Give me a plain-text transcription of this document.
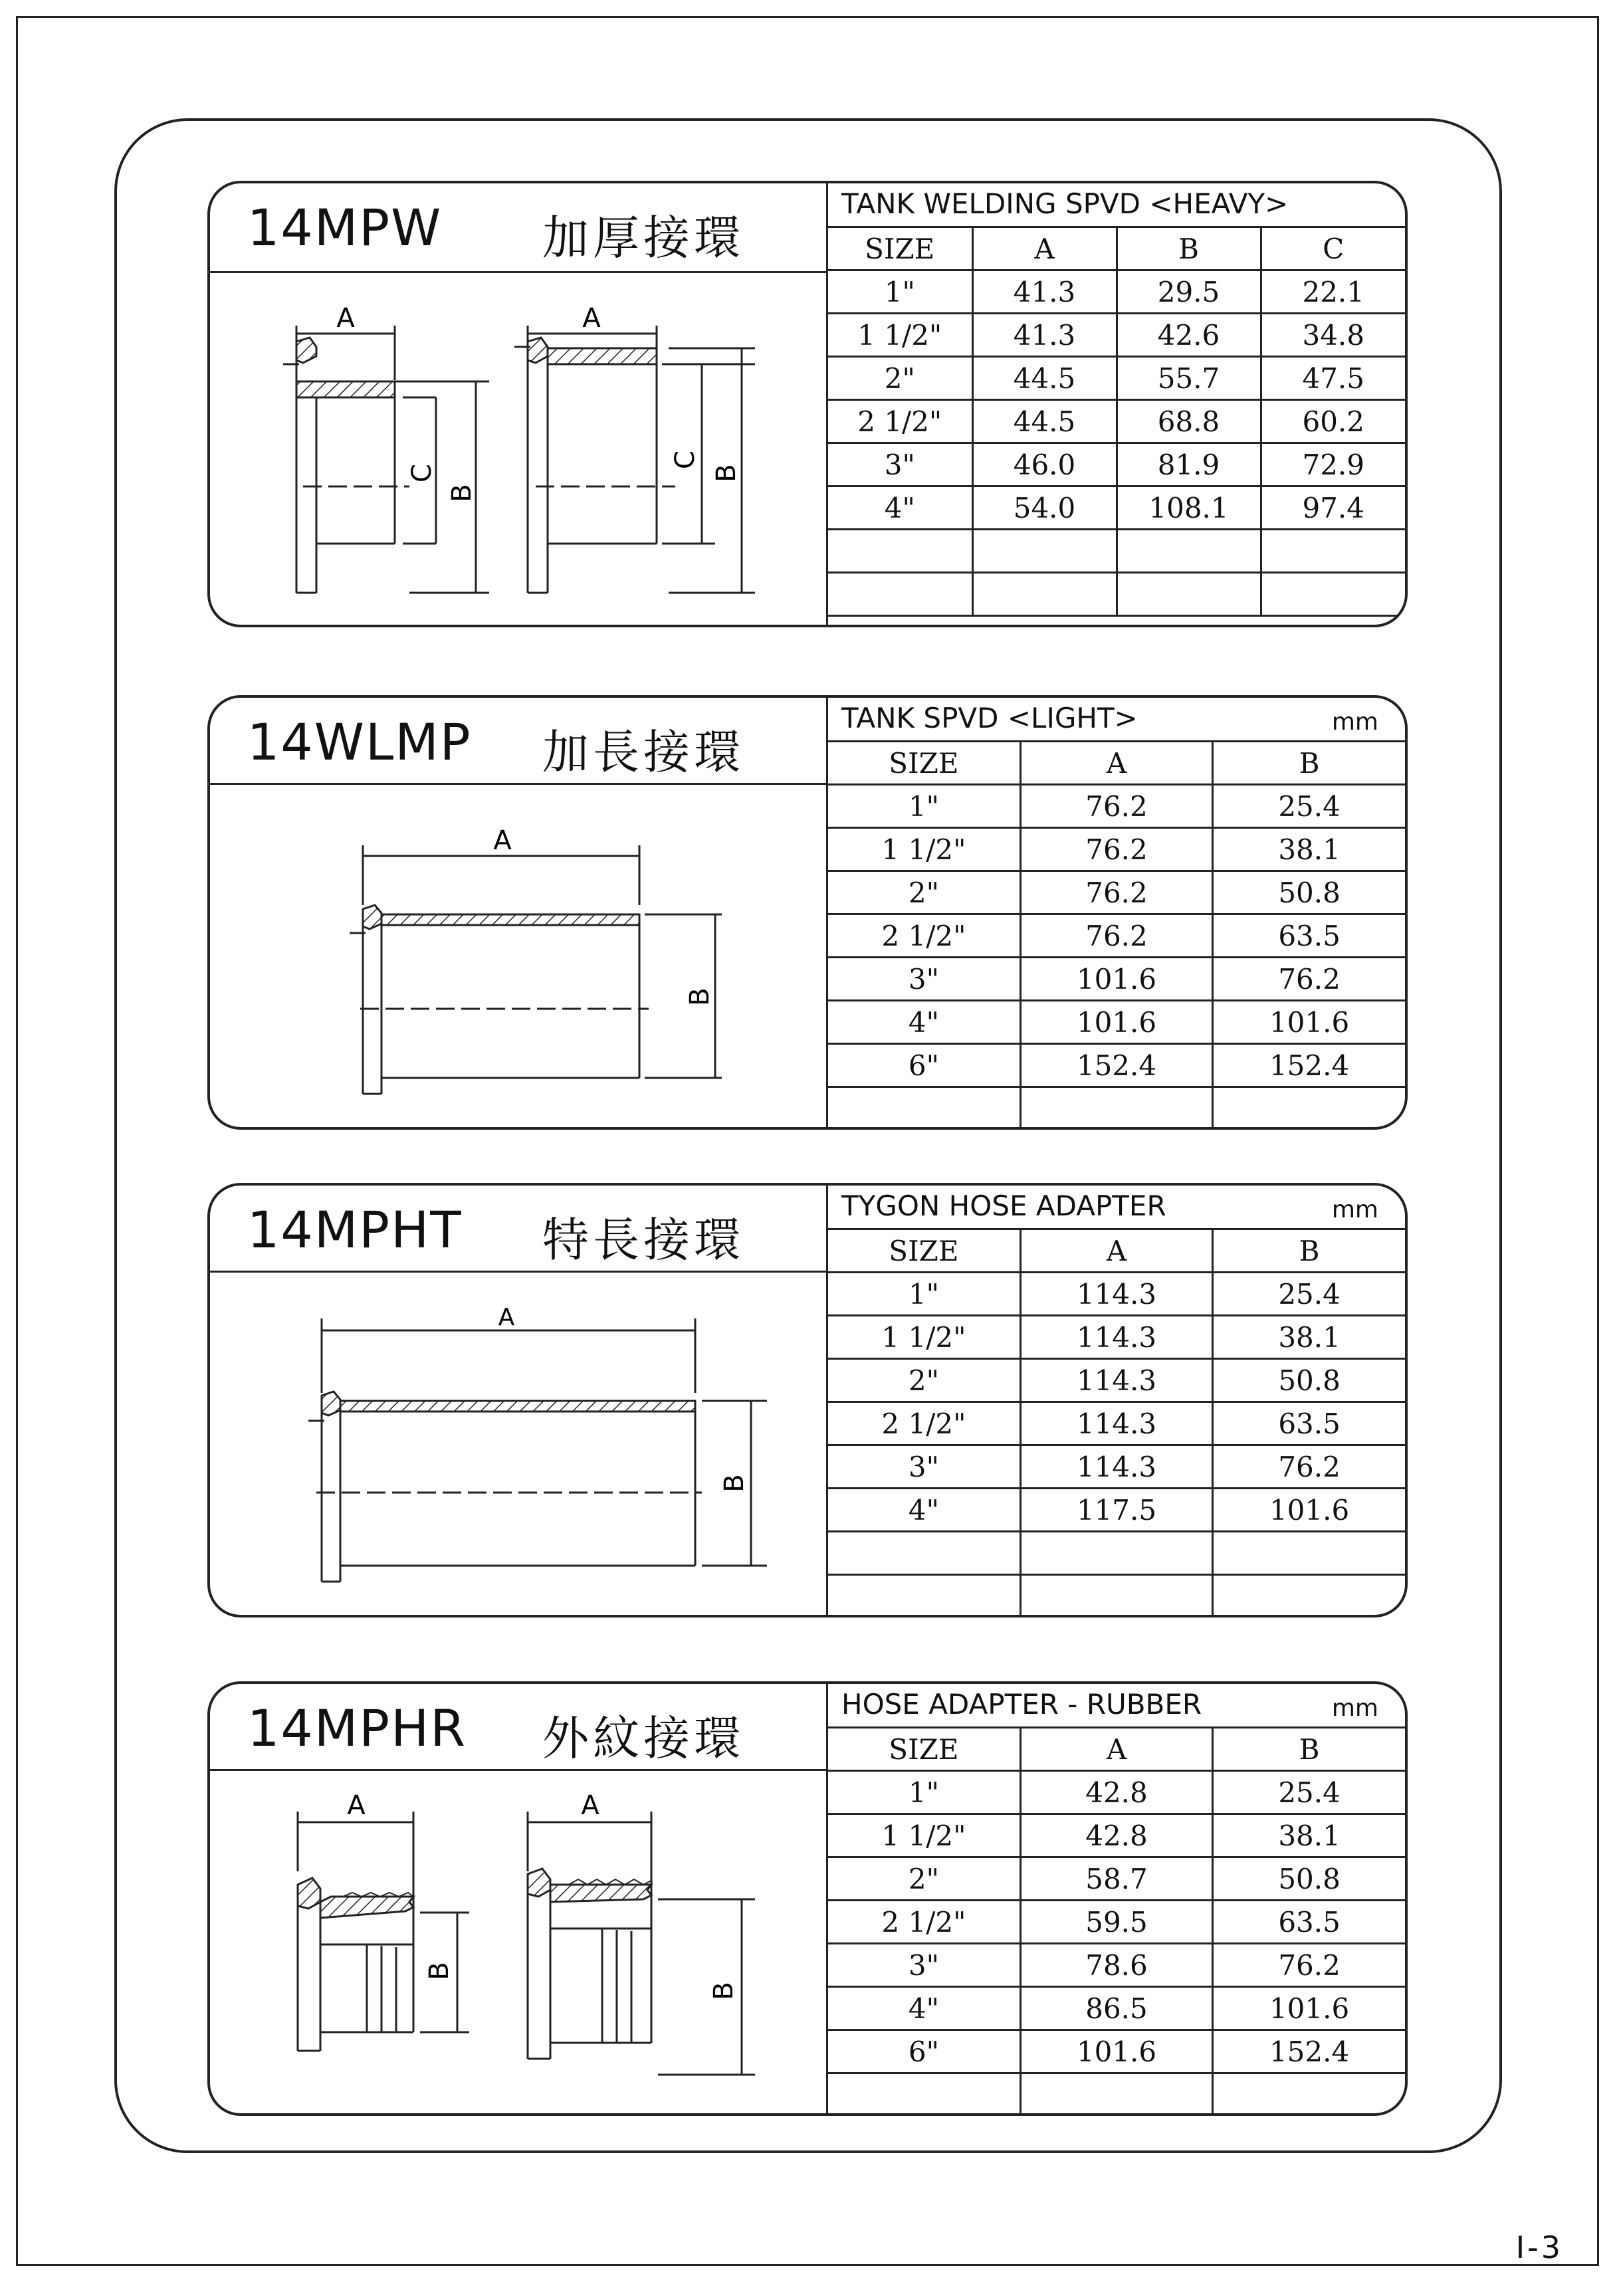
14MPW 加厚接環
A
C
B
A
C
B
TANK WELDING SPVD <HEAVY>
SIZE	A	B	C
1"	41.3	29.5	22.1
1 1/2"	41.3	42.6	34.8
2"	44.5	55.7	47.5
2 1/2"	44.5	68.8	60.2
3"	46.0	81.9	72.9
4"	54.0	108.1	97.4

14WLMP 加長接環
A
B
TANK SPVD <LIGHT>	mm
SIZE	A	B
1"	76.2	25.4
1 1/2"	76.2	38.1
2"	76.2	50.8
2 1/2"	76.2	63.5
3"	101.6	76.2
4"	101.6	101.6
6"	152.4	152.4

14MPHT 特長接環
A
B
TYGON HOSE ADAPTER	mm
SIZE	A	B
1"	114.3	25.4
1 1/2"	114.3	38.1
2"	114.3	50.8
2 1/2"	114.3	63.5
3"	114.3	76.2
4"	117.5	101.6

14MPHR 外紋接環
A
B
A
B
HOSE ADAPTER - RUBBER	mm
SIZE	A	B
1"	42.8	25.4
1 1/2"	42.8	38.1
2"	58.7	50.8
2 1/2"	59.5	63.5
3"	78.6	76.2
4"	86.5	101.6
6"	101.6	152.4

I-3
